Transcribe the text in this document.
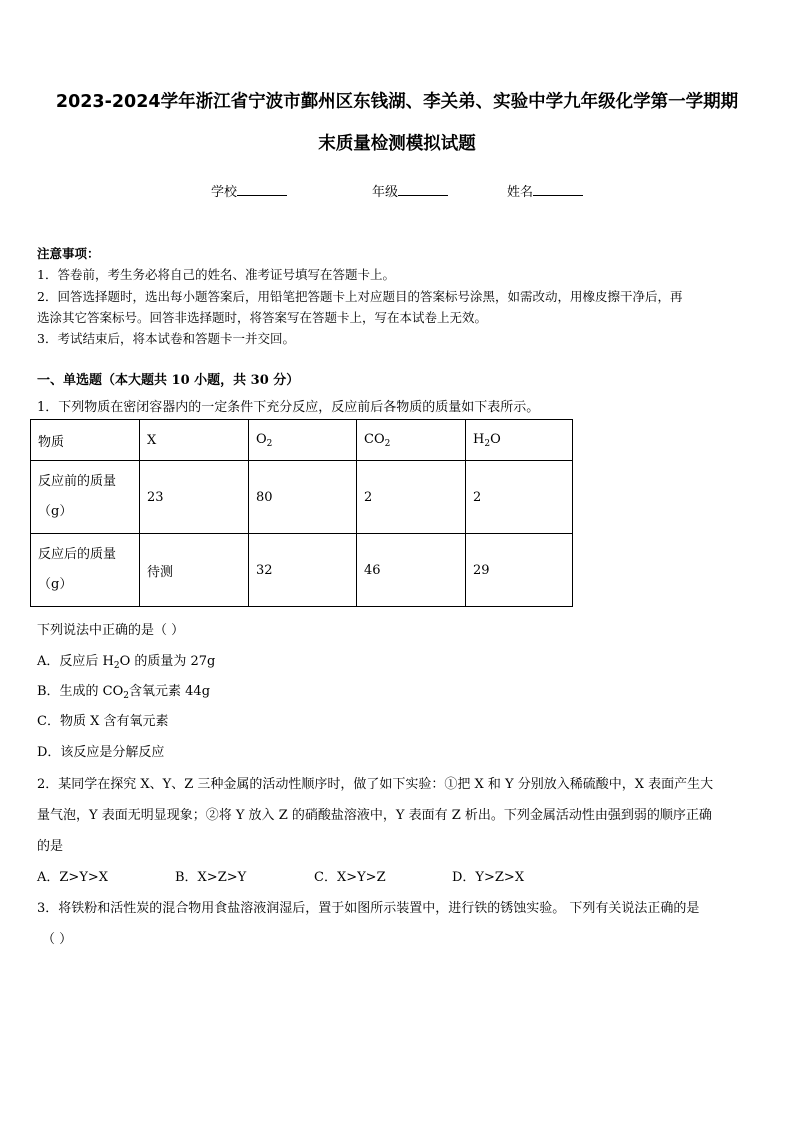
2023-2024学年浙江省宁波市鄞州区东钱湖、李关弟、实验中学九年级化学第一学期期
末质量检测模拟试题
学校	年级	姓名
注意事项：
1．答卷前，考生务必将自己的姓名、准考证号填写在答题卡上。
2．回答选择题时，选出每小题答案后，用铅笔把答题卡上对应题目的答案标号涂黑，如需改动，用橡皮擦干净后，再
选涂其它答案标号。回答非选择题时，将答案写在答题卡上，写在本试卷上无效。
3．考试结束后，将本试卷和答题卡一并交回。
一、单选题（本大题共 10 小题，共 30 分）
1．下列物质在密闭容器内的一定条件下充分反应，反应前后各物质的质量如下表所示。
物质	X	$O_2$	$CO_2$	$H_2O$
反应前的质量
（g）	23	80	2	2
反应后的质量
（g）	待测	32	46	29
下列说法中正确的是（ ）
A．反应后 $H_2O$ 的质量为 27g
B．生成的 $CO_2$含氧元素 44g
C．物质 X 含有氧元素
D．该反应是分解反应
2．某同学在探究 X、Y、Z 三种金属的活动性顺序时，做了如下实验：①把 X 和 Y 分别放入稀硫酸中，X 表面产生大
量气泡，Y 表面无明显现象；②将 Y 放入 Z 的硝酸盐溶液中，Y 表面有 Z 析出。下列金属活动性由强到弱的顺序正确
的是
A．Z>Y>X	B．X>Z>Y	C．X>Y>Z	D．Y>Z>X
3．将铁粉和活性炭的混合物用食盐溶液润湿后，置于如图所示装置中，进行铁的锈蚀实验。 下列有关说法正确的是
（ ）
